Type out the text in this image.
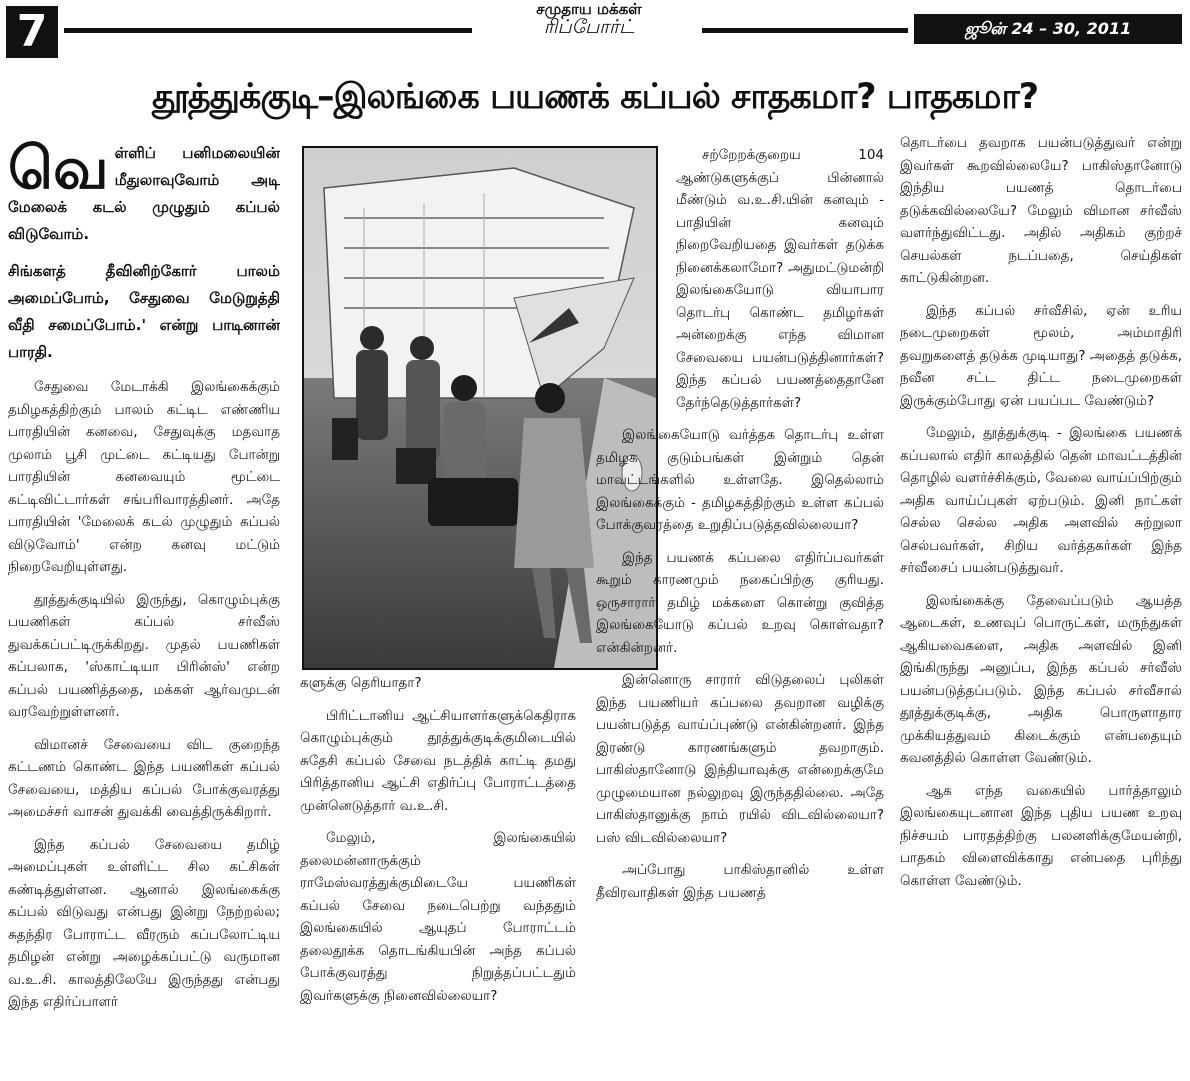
7	சமுதாய மக்கள்
ரிப்போர்ட்	ஜூன் 24 – 30, 2011
தூத்துக்குடி–இலங்கை பயணக் கப்பல் சாதகமா? பாதகமா?

வெள்ளிப் பனிமலையின் மீதுலாவுவோம் அடி மேலைக் கடல் முழுதும் கப்பல் விடுவோம்.

சிங்களத் தீவினிற்கோர் பாலம் அமைப்போம், சேதுவை மேடுறுத்தி வீதி சமைப்போம்.' என்று பாடினான் பாரதி.

சேதுவை மேடாக்கி இலங்கைக்கும் தமிழகத்திற்கும் பாலம் கட்டிட எண்ணிய பாரதியின் கனவை, சேதுவுக்கு மதவாத முலாம் பூசி முட்டை கட்டியது போன்று பாரதியின் கனவையும் மூட்டை கட்டிவிட்டார்கள் சங்பரிவாரத்தினர். அதே பாரதியின் 'மேலைக் கடல் முழுதும் கப்பல் விடுவோம்' என்ற கனவு மட்டும் நிறைவேறியுள்ளது.

தூத்துக்குடியில் இருந்து, கொழும்புக்கு பயணிகள் கப்பல் சர்வீஸ் துவக்கப்பட்டிருக்கிறது. முதல் பயணிகள் கப்பலாக, 'ஸ்காட்டியா பிரின்ஸ்' என்ற கப்பல் பயணித்ததை, மக்கள் ஆர்வமுடன் வரவேற்றுள்ளனர்.

விமானச் சேவையை விட குறைந்த கட்டணம் கொண்ட இந்த பயணிகள் கப்பல் சேவையை, மத்திய கப்பல் போக்குவரத்து அமைச்சர் வாசன் துவக்கி வைத்திருக்கிறார்.

இந்த கப்பல் சேவையை தமிழ் அமைப்புகள் உள்ளிட்ட சில கட்சிகள் கண்டித்துள்ளன. ஆனால் இலங்கைக்கு கப்பல் விடுவது என்பது இன்று நேற்றல்ல; சுதந்திர போராட்ட வீரரும் கப்பலோட்டிய தமிழன் என்று அழைக்கப்பட்டு வருமான வ.உ.சி. காலத்திலேயே இருந்தது என்பது இந்த எதிர்ப்பாளர்

களுக்கு தெரியாதா?

பிரிட்டானிய ஆட்சியாளர்களுக்கெதிராக கொழும்புக்கும் தூத்துக்குடிக்குமிடையில் சுதேசி கப்பல் சேவை நடத்திக் காட்டி தமது பிரித்தானிய ஆட்சி எதிர்ப்பு போராட்டத்தை முன்னெடுத்தார் வ.உ.சி.

மேலும், இலங்கையில் தலைமன்னாருக்கும் ராமேஸ்வரத்துக்குமிடையே பயணிகள் கப்பல் சேவை நடைபெற்று வந்ததும் இலங்கையில் ஆயுதப் போராட்டம் தலைதூக்க தொடங்கியபின் அந்த கப்பல் போக்குவரத்து நிறுத்தப்பட்டதும் இவர்களுக்கு நினைவில்லையா?

சற்றேறக்குறைய 104 ஆண்டுகளுக்குப் பின்னால் மீண்டும் வ.உ.சி.யின் கனவும் - பாதியின் கனவும் நிறைவேறியதை இவர்கள் தடுக்க நினைக்கலாமோ? அதுமட்டுமன்றி இலங்கையோடு வியாபார தொடர்பு கொண்ட தமிழர்கள் அன்றைக்கு எந்த விமான சேவையை பயன்படுத்தினார்கள்? இந்த கப்பல் பயணத்தைதானே தேர்ந்தெடுத்தார்கள்?

இலங்கையோடு வர்த்தக தொடர்பு உள்ள தமிழக குடும்பங்கள் இன்றும் தென் மாவட்டங்களில் உள்ளதே. இதெல்லாம் இலங்கைக்கும் - தமிழகத்திற்கும் உள்ள கப்பல் போக்குவரத்தை உறுதிப்படுத்தவில்லையா?

இந்த பயணக் கப்பலை எதிர்ப்பவர்கள் கூறும் காரணமும் நகைப்பிற்கு குரியது. ஒருசாரார் தமிழ் மக்களை கொன்று குவித்த இலங்கையோடு கப்பல் உறவு கொள்வதா? என்கின்றனர்.

இன்னொரு சாரார் விடுதலைப் புலிகள் இந்த பயணியர் கப்பலை தவறான வழிக்கு பயன்படுத்த வாய்ப்புண்டு என்கின்றனர். இந்த இரண்டு காரணங்களும் தவறாகும். பாகிஸ்தானோடு இந்தியாவுக்கு என்றைக்குமே முழுமையான நல்லுறவு இருந்ததில்லை. அதே பாகிஸ்தானுக்கு நாம் ரயில் விடவில்லையா? பஸ் விடவில்லையா?

அப்போது பாகிஸ்தானில் உள்ள தீவிரவாதிகள் இந்த பயணத்

தொடர்பை தவறாக பயன்படுத்துவர் என்று இவர்கள் கூறவில்லையே? பாகிஸ்தானோடு இந்திய பயணத் தொடர்பை தடுக்கவில்லையே? மேலும் விமான சர்வீஸ் வளர்ந்துவிட்டது. அதில் அதிகம் குற்றச் செயல்கள் நடப்பதை, செய்திகள் காட்டுகின்றன.

இந்த கப்பல் சர்வீசில், ஏன் உரிய நடைமுறைகள் மூலம், அம்மாதிரி தவறுகளைத் தடுக்க முடியாது? அதைத் தடுக்க, நவீன சட்ட திட்ட நடைமுறைகள் இருக்கும்போது ஏன் பயப்பட வேண்டும்?

மேலும், தூத்துக்குடி - இலங்கை பயணக் கப்பலால் எதிர் காலத்தில் தென் மாவட்டத்தின் தொழில் வளர்ச்சிக்கும், வேலை வாய்ப்பிற்கும் அதிக வாய்ப்புகள் ஏற்படும். இனி நாட்கள் செல்ல செல்ல அதிக அளவில் சுற்றுலா செல்பவர்கள், சிறிய வர்த்தகர்கள் இந்த சர்வீசைப் பயன்படுத்துவர்.

இலங்கைக்கு தேவைப்படும் ஆயத்த ஆடைகள், உணவுப் பொருட்கள், மருந்துகள் ஆகியவைகளை, அதிக அளவில் இனி இங்கிருந்து அனுப்ப, இந்த கப்பல் சர்வீஸ் பயன்படுத்தப்படும். இந்த கப்பல் சர்வீசால் தூத்துக்குடிக்கு, அதிக பொருளாதார முக்கியத்துவம் கிடைக்கும் என்பதையும் கவனத்தில் கொள்ள வேண்டும்.

ஆக எந்த வகையில் பார்த்தாலும் இலங்கையுடனான இந்த புதிய பயண உறவு நிச்சயம் பாரதத்திற்கு பலனளிக்குமேயன்றி, பாதகம் விளைவிக்காது என்பதை புரிந்து கொள்ள வேண்டும்.
